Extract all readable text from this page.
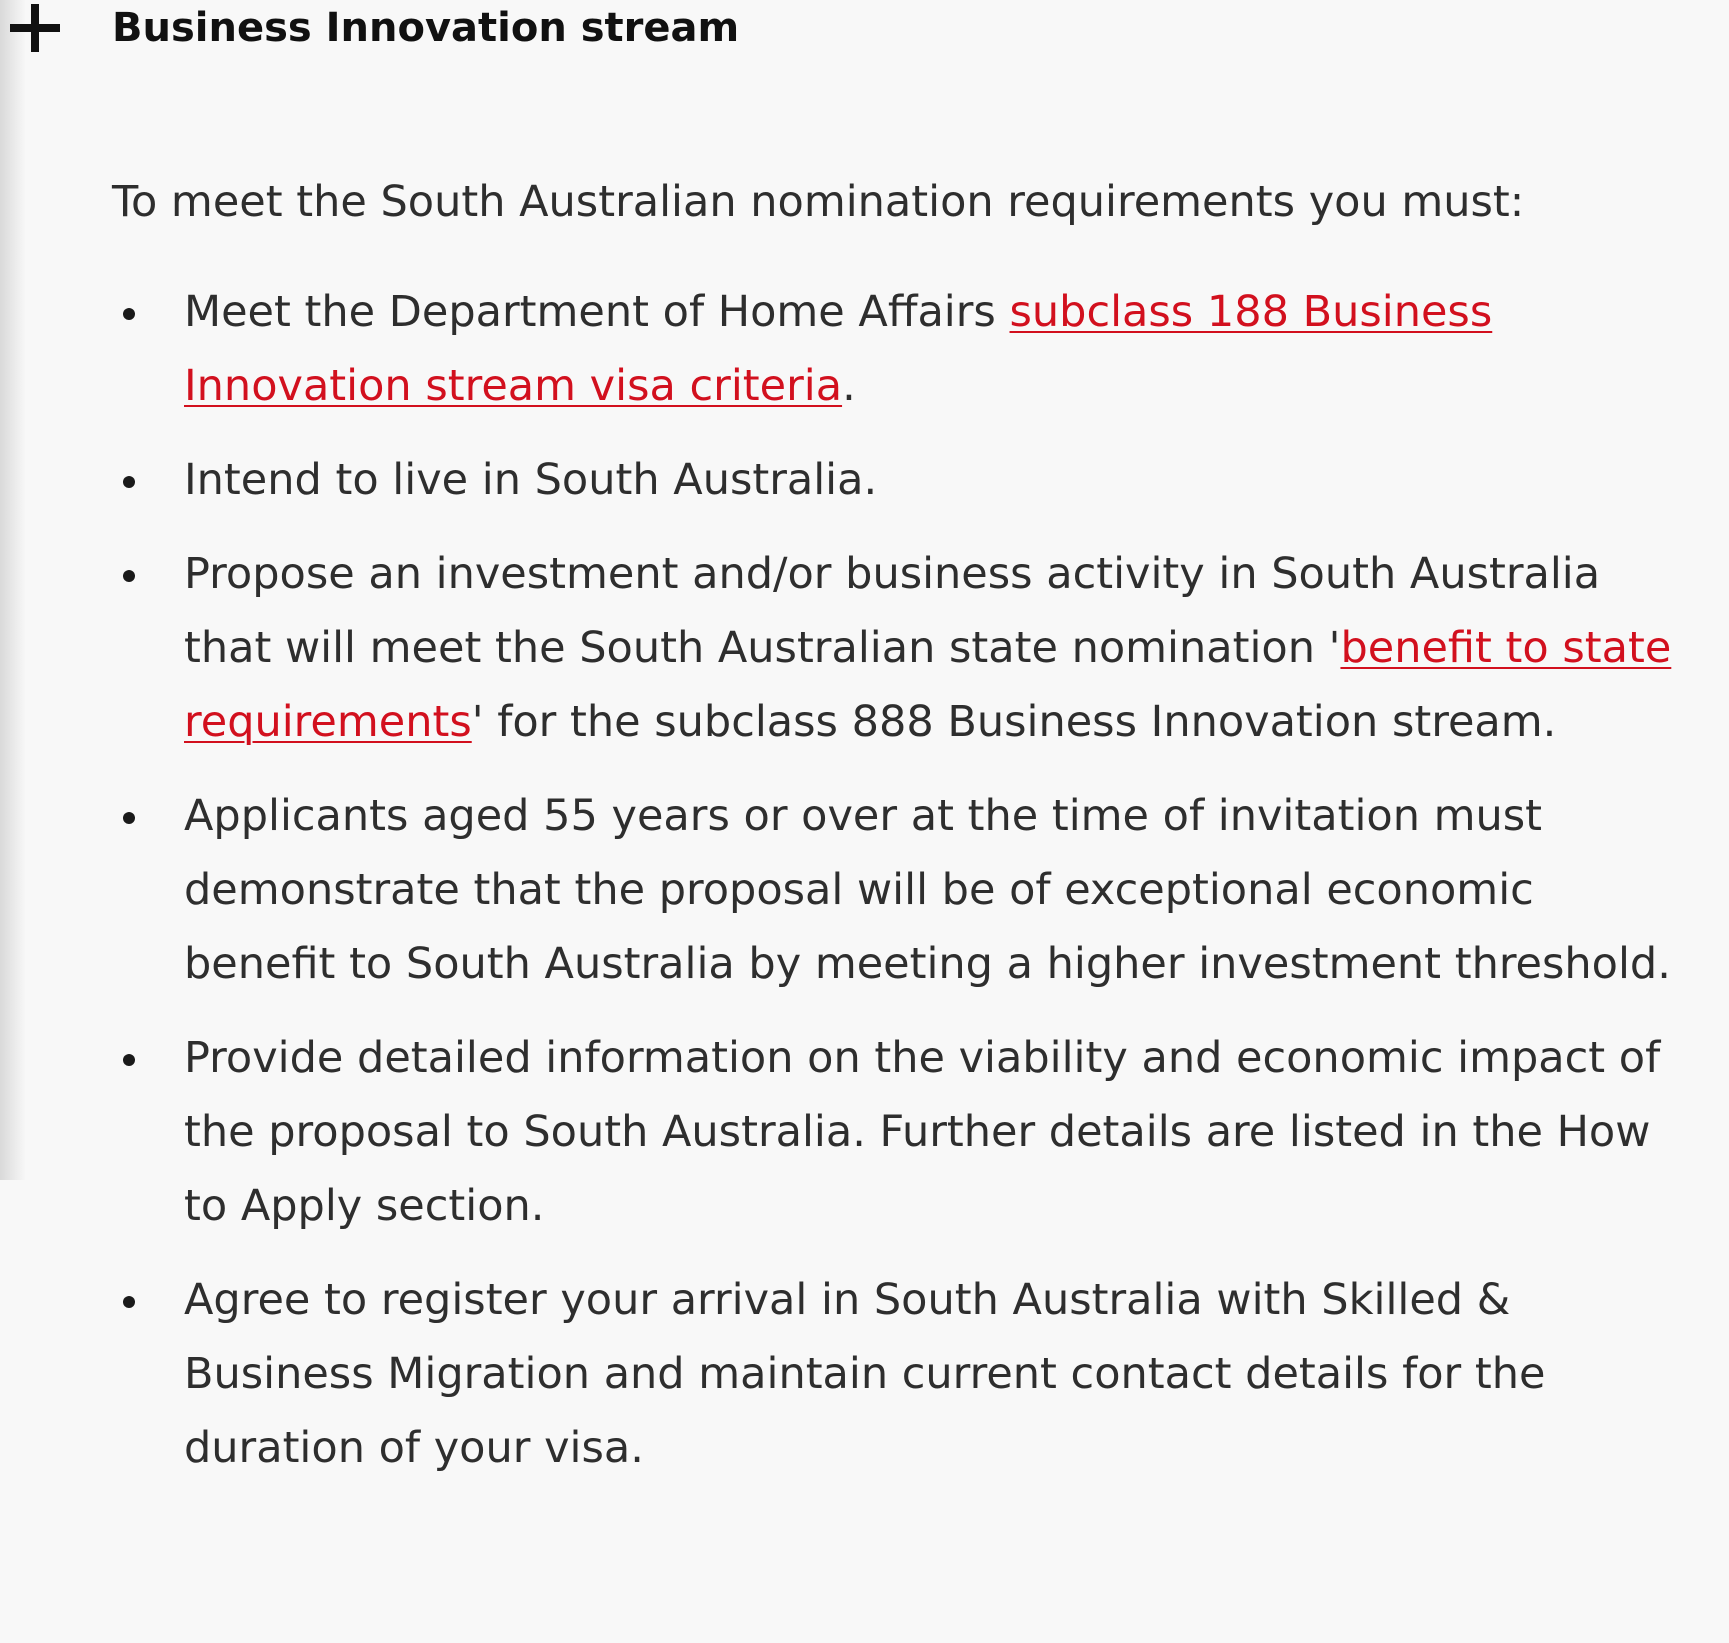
Business Innovation stream

To meet the South Australian nomination requirements you must:

Meet the Department of Home Affairs subclass 188 Business Innovation stream visa criteria.
Intend to live in South Australia.
Propose an investment and/or business activity in South Australia that will meet the South Australian state nomination 'benefit to state requirements' for the subclass 888 Business Innovation stream.
Applicants aged 55 years or over at the time of invitation must demonstrate that the proposal will be of exceptional economic benefit to South Australia by meeting a higher investment threshold.
Provide detailed information on the viability and economic impact of the proposal to South Australia. Further details are listed in the How to Apply section.
Agree to register your arrival in South Australia with Skilled & Business Migration and maintain current contact details for the duration of your visa.
